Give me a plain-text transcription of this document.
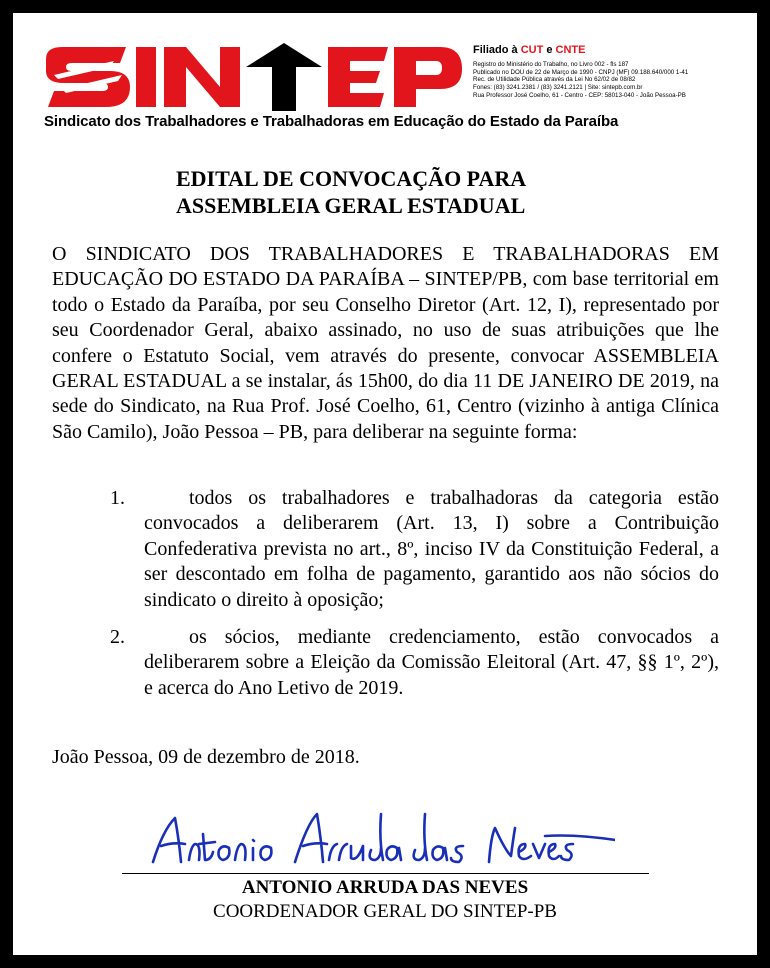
Filiado à CUT e CNTE
Registro do Ministério do Trabalho, no Livro 002 - fls 187
Publicado no DOU de 22 de Março de 1990 - CNPJ (MF) 09.188.640/000 1-41
Rec. de Utilidade Pública através da Lei No 62/02 de 08/82
Fones: (83) 3241.2381 / (83) 3241.2121 | Site: sintepb.com.br
Rua Professor José Coelho, 61 - Centro - CEP: 58013-040 - João Pessoa-PB
Sindicato dos Trabalhadores e Trabalhadoras em Educação do Estado da Paraíba
EDITAL DE CONVOCAÇÃO PARA
ASSEMBLEIA GERAL ESTADUAL
O SINDICATO DOS TRABALHADORES E TRABALHADORAS EM EDUCAÇÃO DO ESTADO DA PARAÍBA – SINTEP/PB, com base territorial em todo o Estado da Paraíba, por seu Conselho Diretor (Art. 12, I), representado por seu Coordenador Geral, abaixo assinado, no uso de suas atribuições que lhe confere o Estatuto Social, vem através do presente, convocar ASSEMBLEIA GERAL ESTADUAL a se instalar, ás 15h00, do dia 11 DE JANEIRO DE 2019, na sede do Sindicato, na Rua Prof. José Coelho, 61, Centro (vizinho à antiga Clínica São Camilo), João Pessoa – PB, para deliberar na seguinte forma:
1.	todos os trabalhadores e trabalhadoras da categoria estão convocados a deliberarem (Art. 13, I) sobre a Contribuição Confederativa prevista no art., 8º, inciso IV da Constituição Federal, a ser descontado em folha de pagamento, garantido aos não sócios do sindicato o direito à oposição;
2.	os sócios, mediante credenciamento, estão convocados a deliberarem sobre a Eleição da Comissão Eleitoral (Art. 47, §§ 1º, 2º), e acerca do Ano Letivo de 2019.
João Pessoa, 09 de dezembro de 2018.
ANTONIO ARRUDA DAS NEVES
COORDENADOR GERAL DO SINTEP-PB
